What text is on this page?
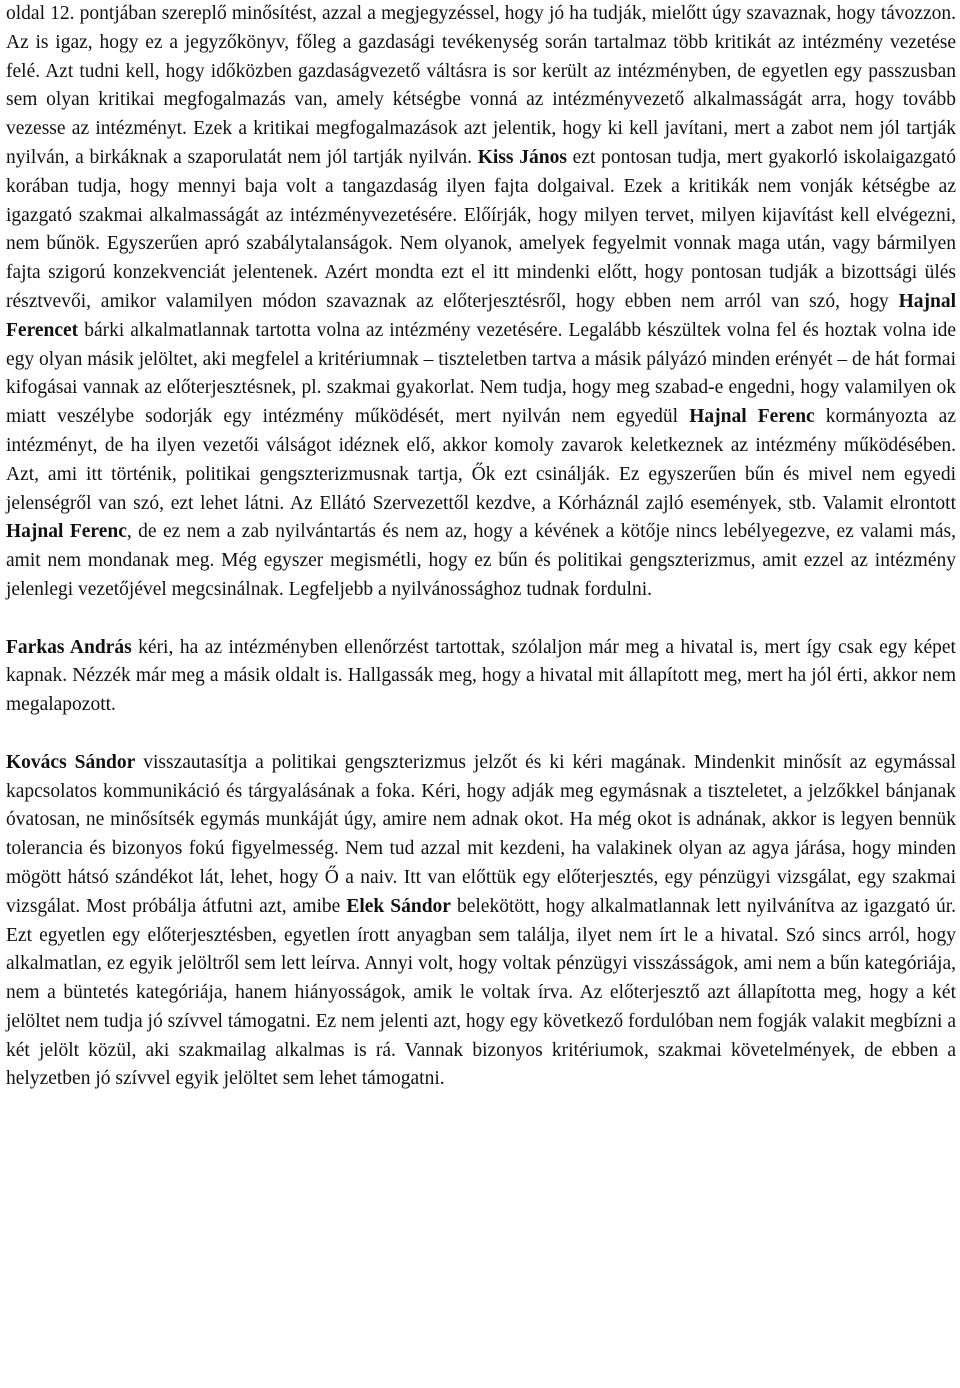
oldal 12. pontjában szereplő minősítést, azzal a megjegyzéssel, hogy jó ha tudják, mielőtt úgy szavaznak, hogy távozzon. Az is igaz, hogy ez a jegyzőkönyv, főleg a gazdasági tevékenység során tartalmaz több kritikát az intézmény vezetése felé. Azt tudni kell, hogy időközben gazdaságvezető váltásra is sor került az intézményben, de egyetlen egy passzusban sem olyan kritikai megfogalmazás van, amely kétségbe vonná az intézményvezető alkalmasságát arra, hogy tovább vezesse az intézményt. Ezek a kritikai megfogalmazások azt jelentik, hogy ki kell javítani, mert a zabot nem jól tartják nyilván, a birkáknak a szaporulatát nem jól tartják nyilván. Kiss János ezt pontosan tudja, mert gyakorló iskolaigazgató korában tudja, hogy mennyi baja volt a tangazdaság ilyen fajta dolgaival. Ezek a kritikák nem vonják kétségbe az igazgató szakmai alkalmasságát az intézményvezetésére. Előírják, hogy milyen tervet, milyen kijavítást kell elvégezni, nem bűnök. Egyszerűen apró szabálytalanságok. Nem olyanok, amelyek fegyelmit vonnak maga után, vagy bármilyen fajta szigorú konzekvenciát jelentenek. Azért mondta ezt el itt mindenki előtt, hogy pontosan tudják a bizottsági ülés résztvevői, amikor valamilyen módon szavaznak az előterjesztésről, hogy ebben nem arról van szó, hogy Hajnal Ferencet bárki alkalmatlannak tartotta volna az intézmény vezetésére. Legalább készültek volna fel és hoztak volna ide egy olyan másik jelöltet, aki megfelel a kritériumnak – tiszteletben tartva a másik pályázó minden erényét – de hát formai kifogásai vannak az előterjesztésnek, pl. szakmai gyakorlat. Nem tudja, hogy meg szabad-e engedni, hogy valamilyen ok miatt veszélybe sodorják egy intézmény működését, mert nyilván nem egyedül Hajnal Ferenc kormányozta az intézményt, de ha ilyen vezetői válságot idéznek elő, akkor komoly zavarok keletkeznek az intézmény működésében. Azt, ami itt történik, politikai gengszterizmusnak tartja, Ők ezt csinálják. Ez egyszerűen bűn és mivel nem egyedi jelenségről van szó, ezt lehet látni. Az Ellátó Szervezettől kezdve, a Kórháznál zajló események, stb. Valamit elrontott Hajnal Ferenc, de ez nem a zab nyilvántartás és nem az, hogy a kévének a kötője nincs lebélyegezve, ez valami más, amit nem mondanak meg. Még egyszer megismétli, hogy ez bűn és politikai gengszterizmus, amit ezzel az intézmény jelenlegi vezetőjével megcsinálnak. Legfeljebb a nyilvánossághoz tudnak fordulni.

Farkas András kéri, ha az intézményben ellenőrzést tartottak, szólaljon már meg a hivatal is, mert így csak egy képet kapnak. Nézzék már meg a másik oldalt is. Hallgassák meg, hogy a hivatal mit állapított meg, mert ha jól érti, akkor nem megalapozott.

Kovács Sándor visszautasítja a politikai gengszterizmus jelzőt és ki kéri magának. Mindenkit minősít az egymással kapcsolatos kommunikáció és tárgyalásának a foka. Kéri, hogy adják meg egymásnak a tiszteletet, a jelzőkkel bánjanak óvatosan, ne minősítsék egymás munkáját úgy, amire nem adnak okot. Ha még okot is adnának, akkor is legyen bennük tolerancia és bizonyos fokú figyelmesség. Nem tud azzal mit kezdeni, ha valakinek olyan az agya járása, hogy minden mögött hátsó szándékot lát, lehet, hogy Ő a naiv. Itt van előttük egy előterjesztés, egy pénzügyi vizsgálat, egy szakmai vizsgálat. Most próbálja átfutni azt, amibe Elek Sándor belekötött, hogy alkalmatlannak lett nyilvánítva az igazgató úr. Ezt egyetlen egy előterjesztésben, egyetlen írott anyagban sem találja, ilyet nem írt le a hivatal. Szó sincs arról, hogy alkalmatlan, ez egyik jelöltről sem lett leírva. Annyi volt, hogy voltak pénzügyi visszásságok, ami nem a bűn kategóriája, nem a büntetés kategóriája, hanem hiányosságok, amik le voltak írva. Az előterjesztő azt állapította meg, hogy a két jelöltet nem tudja jó szívvel támogatni. Ez nem jelenti azt, hogy egy következő fordulóban nem fogják valakit megbízni a két jelölt közül, aki szakmailag alkalmas is rá. Vannak bizonyos kritériumok, szakmai követelmények, de ebben a helyzetben jó szívvel egyik jelöltet sem lehet támogatni.
